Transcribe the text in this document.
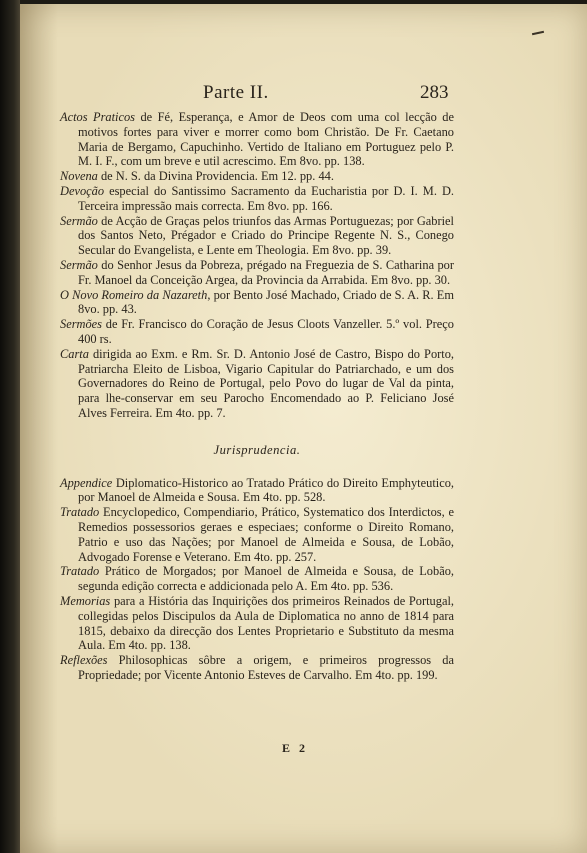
Parte II.	283

Actos Praticos de Fé, Esperança, e Amor de Deos com uma col lecção de motivos fortes para viver e morrer como bom Christão. De Fr. Caetano Maria de Bergamo, Capuchinho. Vertido de Italiano em Portuguez pelo P. M. I. F., com um breve e util acrescimo. Em 8vo. pp. 138.

Novena de N. S. da Divina Providencia. Em 12. pp. 44.

Devoção especial do Santissimo Sacramento da Eucharistia por D. I. M. D. Terceira impressão mais correcta. Em 8vo. pp. 166.

Sermão de Acção de Graças pelos triunfos das Armas Portuguezas; por Gabriel dos Santos Neto, Prégador e Criado do Principe Regente N. S., Conego Secular do Evangelista, e Lente em Theologia. Em 8vo. pp. 39.

Sermão do Senhor Jesus da Pobreza, prégado na Freguezia de S. Catharina por Fr. Manoel da Conceição Argea, da Provincia da Arrabida. Em 8vo. pp. 30.

O Novo Romeiro da Nazareth, por Bento José Machado, Criado de S. A. R. Em 8vo. pp. 43.

Sermões de Fr. Francisco do Coração de Jesus Cloots Vanzeller. 5.º vol. Preço 400 rs.

Carta dirigida ao Exm. e Rm. Sr. D. Antonio José de Castro, Bispo do Porto, Patriarcha Eleito de Lisboa, Vigario Capitular do Patriarchado, e um dos Governadores do Reino de Portugal, pelo Povo do lugar de Val da pinta, para lhe-conservar em seu Parocho Encomendado ao P. Feliciano José Alves Ferreira. Em 4to. pp. 7.

Jurisprudencia.

Appendice Diplomatico-Historico ao Tratado Prático do Direito Emphyteutico, por Manoel de Almeida e Sousa. Em 4to. pp. 528.

Tratado Encyclopedico, Compendiario, Prático, Systematico dos Interdictos, e Remedios possessorios geraes e especiaes; conforme o Direito Romano, Patrio e uso das Nações; por Manoel de Almeida e Sousa, de Lobão, Advogado Forense e Veterano. Em 4to. pp. 257.

Tratado Prático de Morgados; por Manoel de Almeida e Sousa, de Lobão, segunda edição correcta e addicionada pelo A. Em 4to. pp. 536.

Memorias para a História das Inquirições dos primeiros Reinados de Portugal, collegidas pelos Discipulos da Aula de Diplomatica no anno de 1814 para 1815, debaixo da direcção dos Lentes Proprietario e Substituto da mesma Aula. Em 4to. pp. 138.

Reflexões Philosophicas sôbre a origem, e primeiros progressos da Propriedade; por Vicente Antonio Esteves de Carvalho. Em 4to. pp. 199.

E 2
